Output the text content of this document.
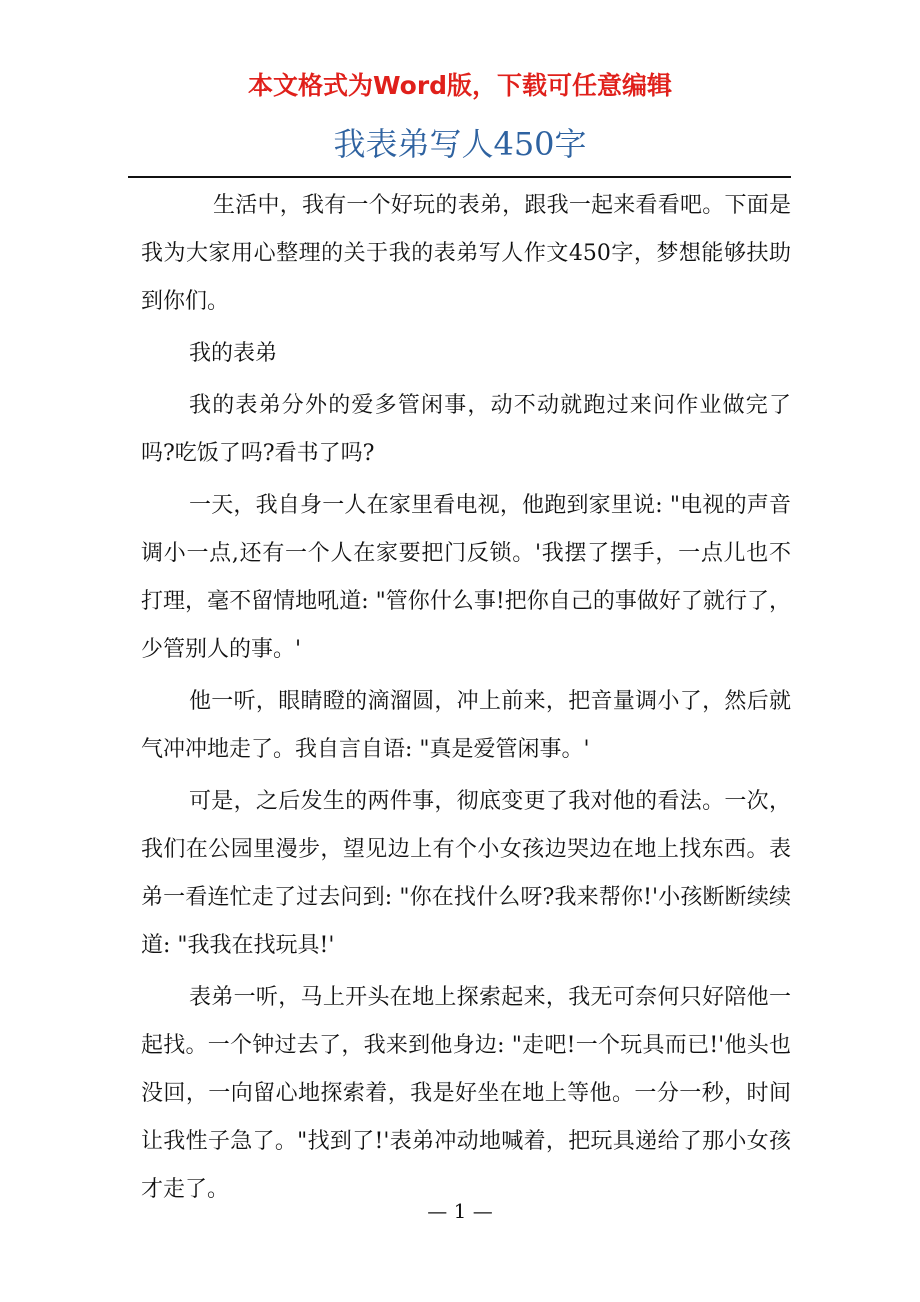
本文格式为Word版，下载可任意编辑

我表弟写人450字

生活中，我有一个好玩的表弟，跟我一起来看看吧。下面是我为大家用心整理的关于我的表弟写人作文450字，梦想能够扶助到你们。

我的表弟

我的表弟分外的爱多管闲事，动不动就跑过来问作业做完了吗?吃饭了吗?看书了吗?

一天，我自身一人在家里看电视，他跑到家里说: "电视的声音调小一点,还有一个人在家要把门反锁。'我摆了摆手，一点儿也不打理，毫不留情地吼道: "管你什么事!把你自己的事做好了就行了，少管别人的事。'

他一听，眼睛瞪的滴溜圆，冲上前来，把音量调小了，然后就气冲冲地走了。我自言自语: "真是爱管闲事。'

可是，之后发生的两件事，彻底变更了我对他的看法。一次，我们在公园里漫步，望见边上有个小女孩边哭边在地上找东西。表弟一看连忙走了过去问到: "你在找什么呀?我来帮你!'小孩断断续续道: "我我在找玩具!'

表弟一听，马上开头在地上探索起来，我无可奈何只好陪他一起找。一个钟过去了，我来到他身边: "走吧!一个玩具而已!'他头也没回，一向留心地探索着，我是好坐在地上等他。一分一秒，时间让我性子急了。"找到了!'表弟冲动地喊着，把玩具递给了那小女孩才走了。

— 1 —
